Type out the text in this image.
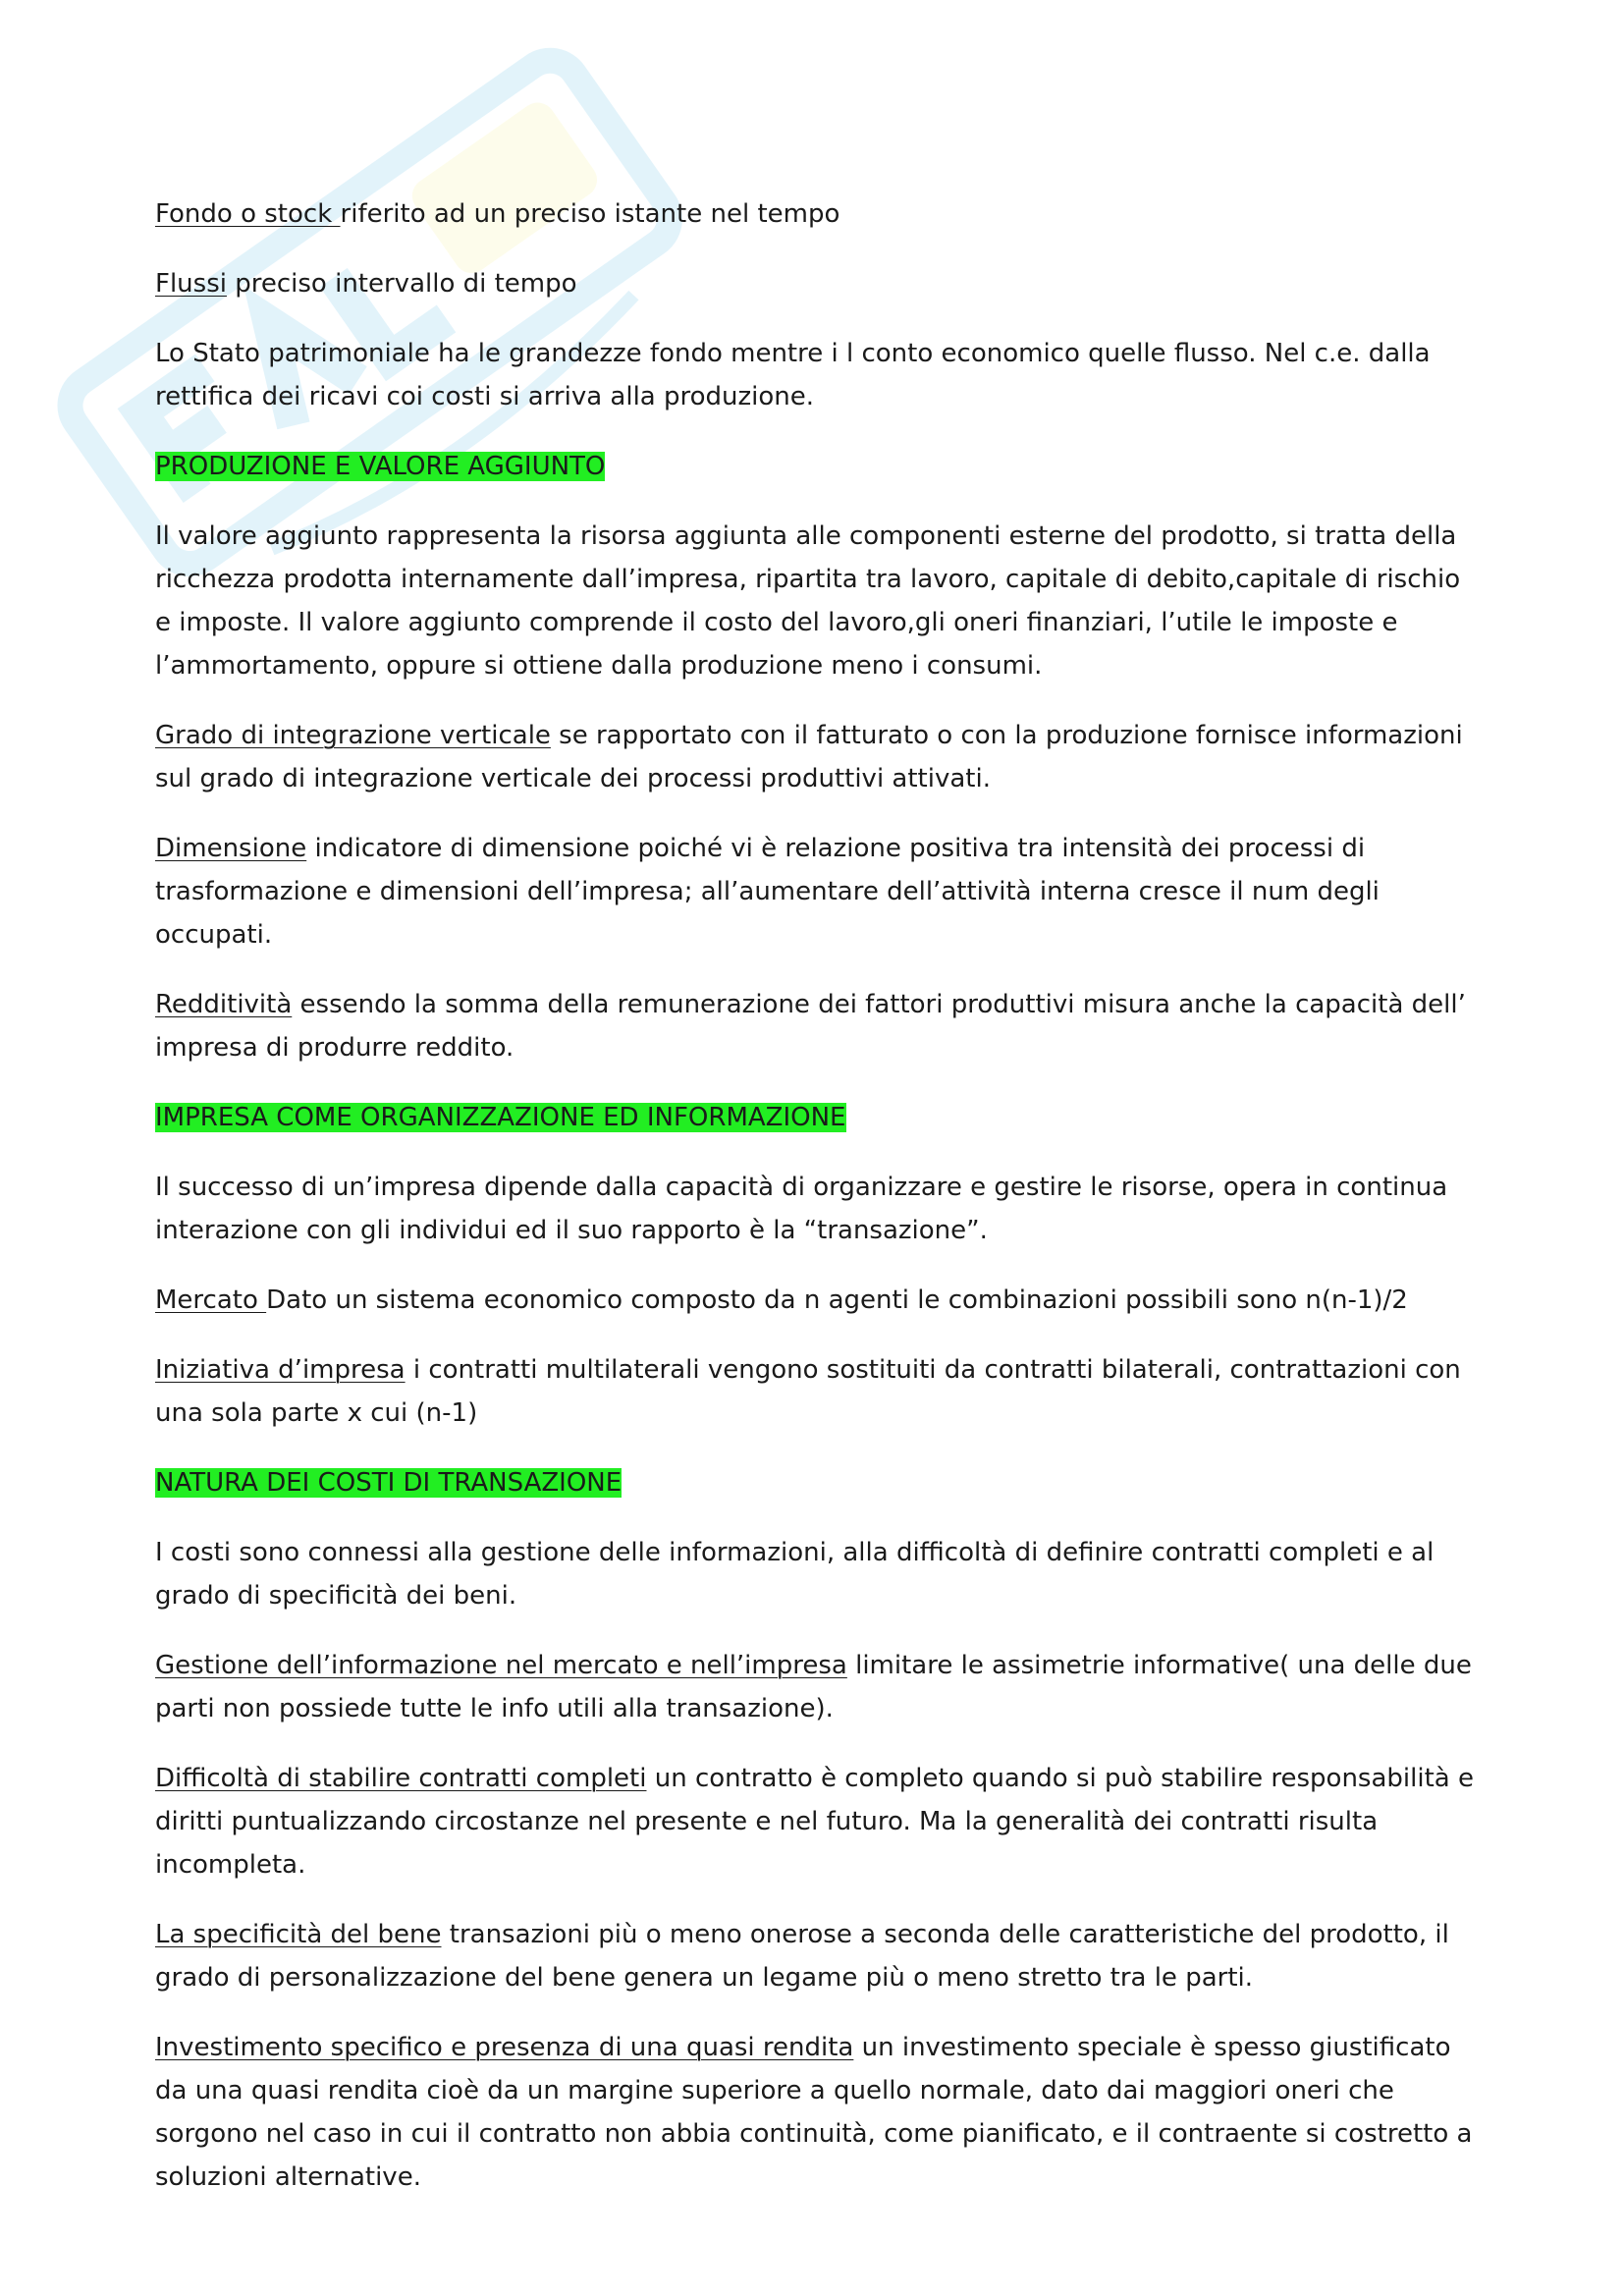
Fondo o stock riferito ad un preciso istante nel tempo

Flussi preciso intervallo di tempo

Lo Stato patrimoniale ha le grandezze fondo mentre i l conto economico quelle flusso. Nel c.e. dalla rettifica dei ricavi coi costi si arriva alla produzione.

PRODUZIONE E VALORE AGGIUNTO

Il valore aggiunto rappresenta la risorsa aggiunta alle componenti esterne del prodotto, si tratta della ricchezza prodotta internamente dall’impresa, ripartita tra lavoro, capitale di debito,capitale di rischio e imposte. Il valore aggiunto comprende il costo del lavoro,gli oneri finanziari, l’utile le imposte e l’ammortamento, oppure si ottiene dalla produzione meno i consumi.

Grado di integrazione verticale se rapportato con il fatturato o con la produzione fornisce informazioni sul grado di integrazione verticale dei processi produttivi attivati.

Dimensione indicatore di dimensione poiché vi è relazione positiva tra intensità dei processi di trasformazione e dimensioni dell’impresa; all’aumentare dell’attività interna cresce il num degli occupati.

Redditività essendo la somma della remunerazione dei fattori produttivi misura anche la capacità dell’ impresa di produrre reddito.

IMPRESA COME ORGANIZZAZIONE ED INFORMAZIONE

Il successo di un’impresa dipende dalla capacità di organizzare e gestire le risorse, opera in continua interazione con gli individui ed il suo rapporto è la “transazione”.

Mercato Dato un sistema economico composto da n agenti le combinazioni possibili sono n(n-1)/2

Iniziativa d’impresa i contratti multilaterali vengono sostituiti da contratti bilaterali, contrattazioni con una sola parte x cui (n-1)

NATURA DEI COSTI DI TRANSAZIONE

I costi sono connessi alla gestione delle informazioni, alla difficoltà di definire contratti completi e al grado di specificità dei beni.

Gestione dell’informazione nel mercato e nell’impresa limitare le assimetrie informative( una delle due parti non possiede tutte le info utili alla transazione).

Difficoltà di stabilire contratti completi un contratto è completo quando si può stabilire responsabilità e diritti puntualizzando circostanze nel presente e nel futuro. Ma la generalità dei contratti risulta incompleta.

La specificità del bene transazioni più o meno onerose a seconda delle caratteristiche del prodotto, il grado di personalizzazione del bene genera un legame più o meno stretto tra le parti.

Investimento specifico e presenza di una quasi rendita un investimento speciale è spesso giustificato da una quasi rendita cioè da un margine superiore a quello normale, dato dai maggiori oneri che sorgono nel caso in cui il contratto non abbia continuità, come pianificato, e il contraente si costretto a soluzioni alternative.
